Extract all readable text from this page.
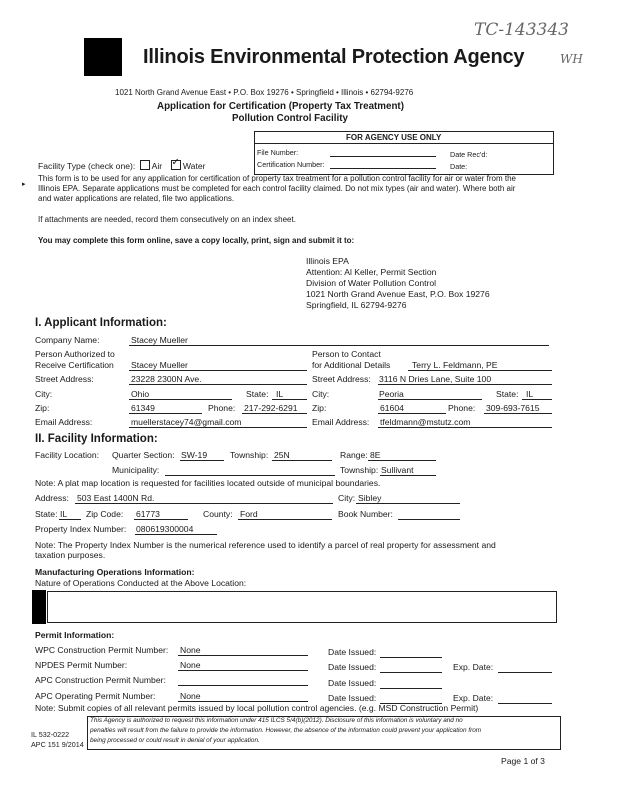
TC-143343
WH
Illinois Environmental Protection Agency
1021 North Grand Avenue East • P.O. Box 19276 • Springfield • Illinois • 62794-9276
Application for Certification (Property Tax Treatment)
Pollution Control Facility
FOR AGENCY USE ONLY
File Number:	Date Rec'd:
Certification Number:	Date:
Facility Type (check one): Air ✓ Water
▸
This form is to be used for any application for certification of property tax treatment for a pollution control facility for air or water from the
Illinois EPA. Separate applications must be completed for each control facility claimed. Do not mix types (air and water). Where both air
and water applications are related, file two applications.
If attachments are needed, record them consecutively on an index sheet.
You may complete this form online, save a copy locally, print, sign and submit it to:
Illinois EPA
Attention: Al Keller, Permit Section
Division of Water Pollution Control
1021 North Grand Avenue East, P.O. Box 19276
Springfield, IL 62794-9276
I. Applicant Information:
Company Name:	Stacey Mueller
Person Authorized to
Receive Certification Stacey Mueller
Person to Contact
for Additional Details	Terry L. Feldmann, PE
Street Address:	23228 2300N Ave.	Street Address: 3116 N Dries Lane, Suite 100
City:	Ohio	State: IL	City:	Peoria	State: IL
Zip:	61349	Phone: 217-292-6291 Zip:	61604	Phone: 309-693-7615
Email Address:	muellerstacey74@gmail.com	Email Address: tfeldmann@mstutz.com
II. Facility Information:
Facility Location: Quarter Section: SW-19	Township: 25N	Range: 8E
Municipality:	Township: Sullivant
Note: A plat map location is requested for facilities located outside of municipal boundaries.
Address: 503 East 1400N Rd.	City: Sibley
State: IL Zip Code: 61773	County: Ford	Book Number:
Property Index Number: 080619300004
Note: The Property Index Number is the numerical reference used to identify a parcel of real property for assessment and
taxation purposes.
Manufacturing Operations Information:
Nature of Operations Conducted at the Above Location:
Permit Information:
WPC Construction Permit Number: None	Date Issued:
NPDES Permit Number:	None	Date Issued:	Exp. Date:
APC Construction Permit Number:	Date Issued:
APC Operating Permit Number:	None	Date Issued:	Exp. Date:
Note: Submit copies of all relevant permits issued by local pollution control agencies. (e.g. MSD Construction Permit)
IL 532-0222
APC 151 9/2014
This Agency is authorized to request this information under 415 ILCS 5/4(b)(2012). Disclosure of this information is voluntary and no
penalties will result from the failure to provide the information. However, the absence of the information could prevent your application from
being processed or could result in denial of your application.
Page 1 of 3
